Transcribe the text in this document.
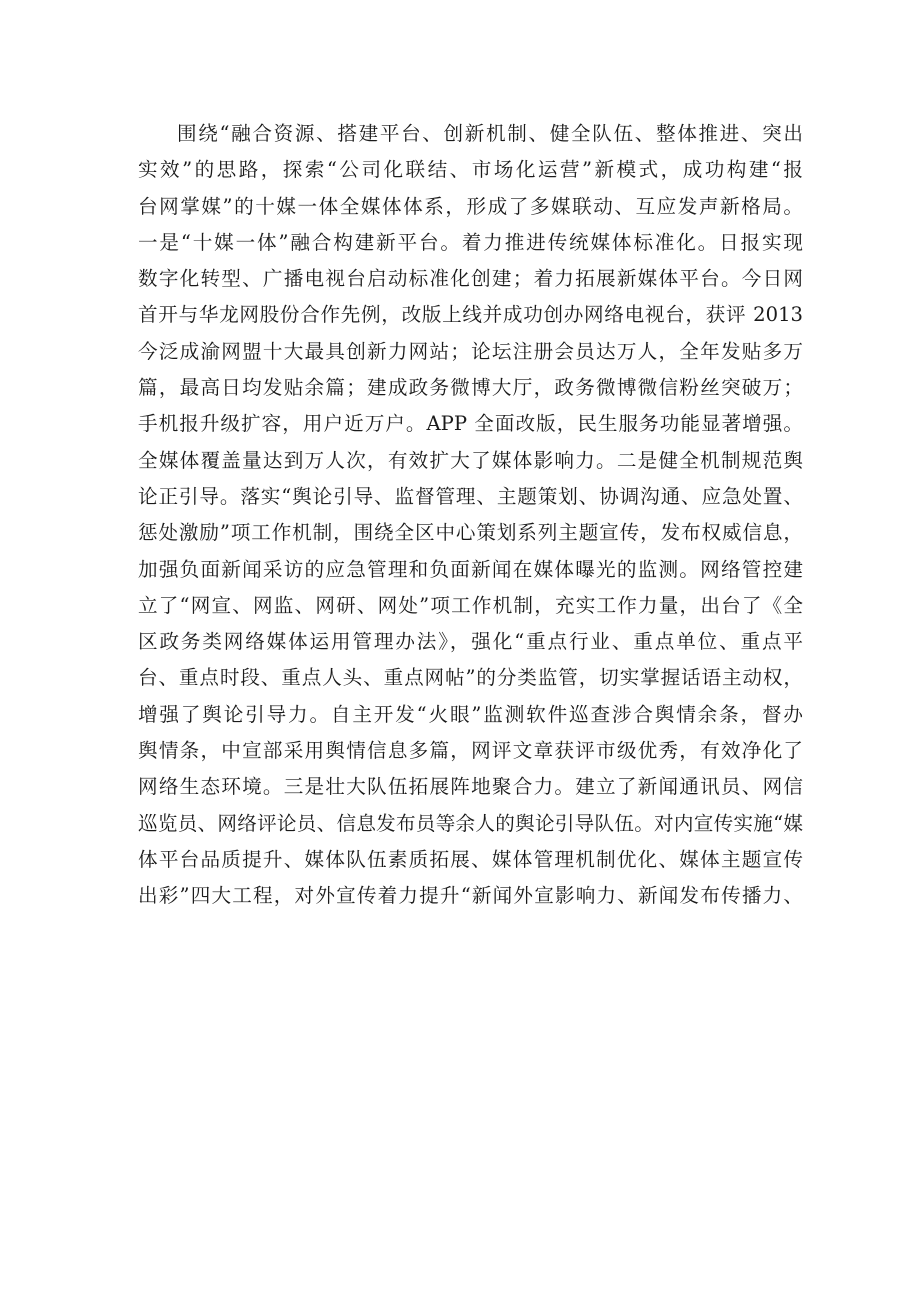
围绕“融合资源、搭建平台、创新机制、健全队伍、整体推进、突出
实效”的思路，探索“公司化联结、市场化运营”新模式，成功构建“报
台网掌媒”的十媒一体全媒体体系，形成了多媒联动、互应发声新格局。
一是“十媒一体”融合构建新平台。着力推进传统媒体标准化。日报实现
数字化转型、广播电视台启动标准化创建；着力拓展新媒体平台。今日网
首开与华龙网股份合作先例，改版上线并成功创办网络电视台，获评 2013
今泛成渝网盟十大最具创新力网站；论坛注册会员达万人，全年发贴多万
篇，最高日均发贴余篇；建成政务微博大厅，政务微博微信粉丝突破万；
手机报升级扩容，用户近万户。APP 全面改版，民生服务功能显著增强。
全媒体覆盖量达到万人次，有效扩大了媒体影响力。二是健全机制规范舆
论正引导。落实“舆论引导、监督管理、主题策划、协调沟通、应急处置、
惩处激励”项工作机制，围绕全区中心策划系列主题宣传，发布权威信息，
加强负面新闻采访的应急管理和负面新闻在媒体曝光的监测。网络管控建
立了“网宣、网监、网研、网处”项工作机制，充实工作力量，出台了《全
区政务类网络媒体运用管理办法》，强化“重点行业、重点单位、重点平
台、重点时段、重点人头、重点网帖”的分类监管，切实掌握话语主动权，
增强了舆论引导力。自主开发“火眼”监测软件巡查涉合舆情余条，督办
舆情条，中宣部采用舆情信息多篇，网评文章获评市级优秀，有效净化了
网络生态环境。三是壮大队伍拓展阵地聚合力。建立了新闻通讯员、网信
巡览员、网络评论员、信息发布员等余人的舆论引导队伍。对内宣传实施“媒
体平台品质提升、媒体队伍素质拓展、媒体管理机制优化、媒体主题宣传
出彩”四大工程，对外宣传着力提升“新闻外宣影响力、新闻发布传播力、
